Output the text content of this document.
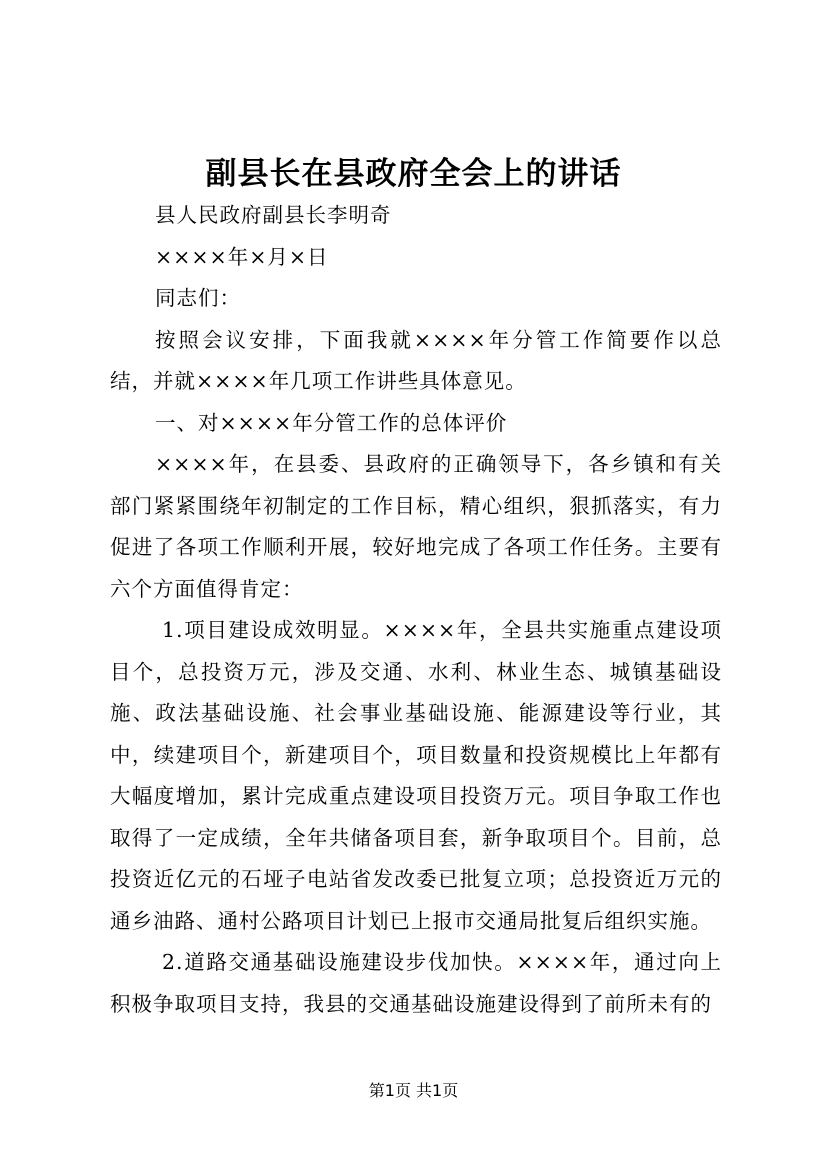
副县长在县政府全会上的讲话

县人民政府副县长李明奇

××××年×月×日

同志们：

按照会议安排，下面我就××××年分管工作简要作以总结，并就××××年几项工作讲些具体意见。

一、对××××年分管工作的总体评价

××××年，在县委、县政府的正确领导下，各乡镇和有关部门紧紧围绕年初制定的工作目标，精心组织，狠抓落实，有力促进了各项工作顺利开展，较好地完成了各项工作任务。主要有六个方面值得肯定：

1.项目建设成效明显。××××年，全县共实施重点建设项目个，总投资万元，涉及交通、水利、林业生态、城镇基础设施、政法基础设施、社会事业基础设施、能源建设等行业，其中，续建项目个，新建项目个，项目数量和投资规模比上年都有大幅度增加，累计完成重点建设项目投资万元。项目争取工作也取得了一定成绩，全年共储备项目套，新争取项目个。目前，总投资近亿元的石垭子电站省发改委已批复立项；总投资近万元的通乡油路、通村公路项目计划已上报市交通局批复后组织实施。

2.道路交通基础设施建设步伐加快。××××年，通过向上积极争取项目支持，我县的交通基础设施建设得到了前所未有的

第1页 共1页
